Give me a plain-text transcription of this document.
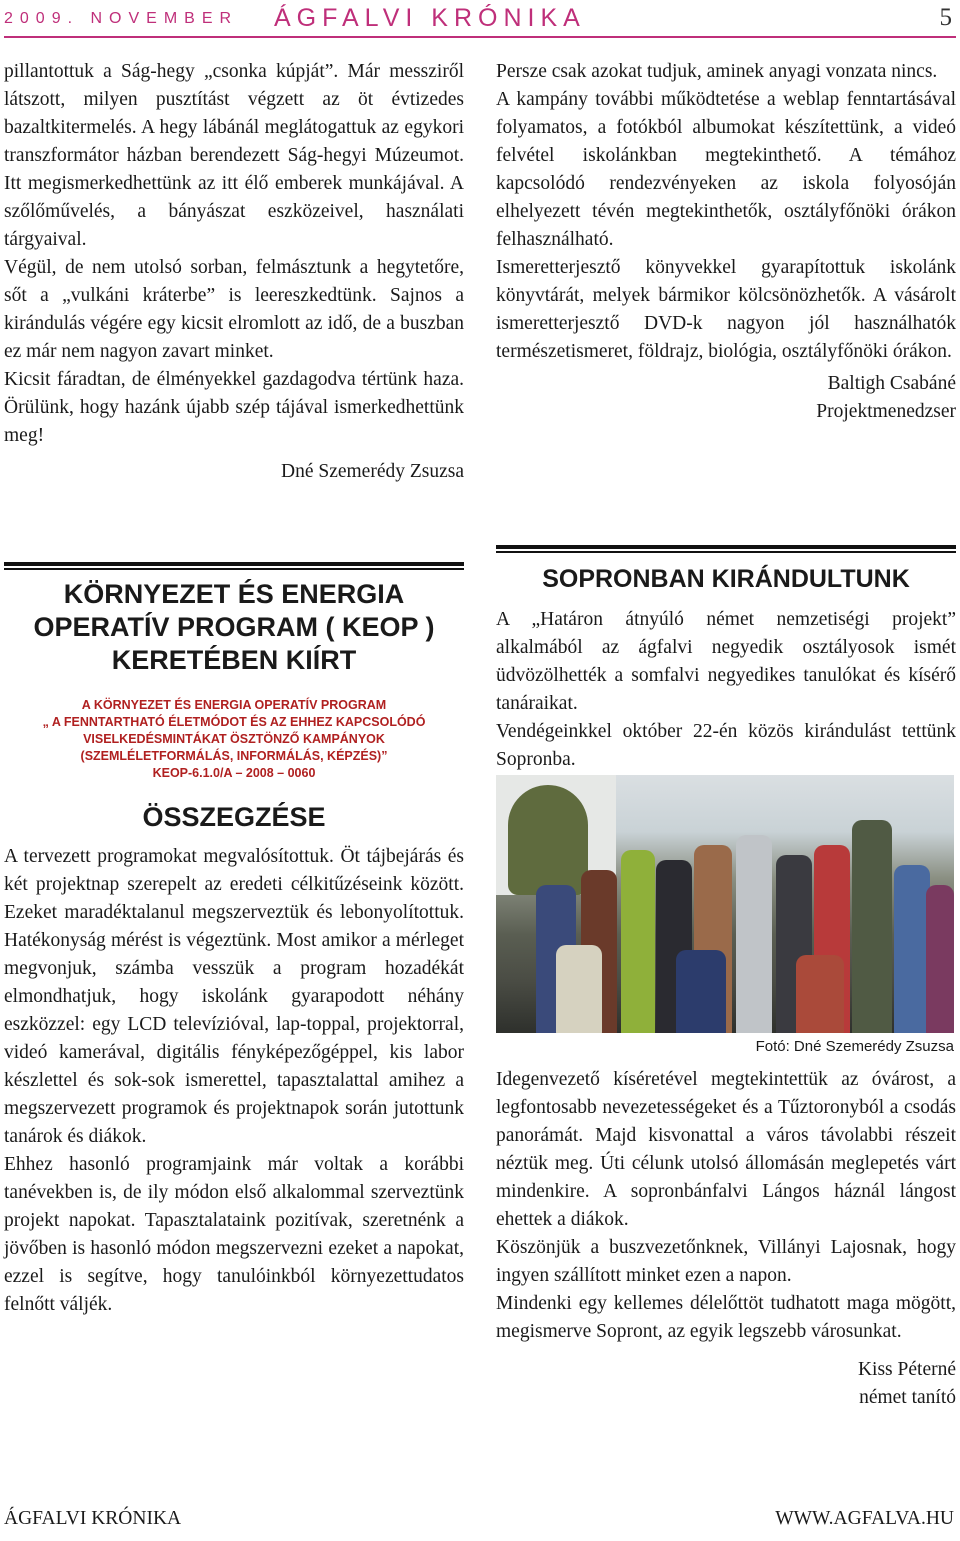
2009. NOVEMBER ÁGFALVI KRÓNIKA	5

pillantottuk a Ság-hegy „csonka kúpját”. Már messziről látszott, milyen pusztítást végzett az öt évtizedes bazaltkitermelés. A hegy lábánál meglátogattuk az egykori transzformátor házban berendezett Ság-hegyi Múzeumot. Itt megismerkedhettünk az itt élő emberek munkájával. A szőlőművelés, a bányászat eszközeivel, használati tárgyaival.

Végül, de nem utolsó sorban, felmásztunk a hegytetőre, sőt a „vulkáni kráterbe” is leereszkedtünk. Sajnos a kirándulás végére egy kicsit elromlott az idő, de a buszban ez már nem nagyon zavart minket.

Kicsit fáradtan, de élményekkel gazdagodva tértünk haza. Örülünk, hogy hazánk újabb szép tájával ismerkedhettünk meg!

Dné Szemerédy Zsuzsa

KÖRNYEZET ÉS ENERGIA

OPERATÍV PROGRAM ( KEOP )

KERETÉBEN KIÍRT

A KÖRNYEZET ÉS ENERGIA OPERATÍV PROGRAM
„ A FENNTARTHATÓ ÉLETMÓDOT ÉS AZ EHHEZ KAPCSOLÓDÓ
VISELKEDÉSMINTÁKAT ÖSZTÖNZŐ KAMPÁNYOK
(SZEMLÉLETFORMÁLÁS, INFORMÁLÁS, KÉPZÉS)”
KEOP-6.1.0/A – 2008 – 0060

ÖSSZEGZÉSE

A tervezett programokat megvalósítottuk. Öt tájbejárás és két projektnap szerepelt az eredeti célkitűzéseink között. Ezeket maradéktalanul megszerveztük és lebonyolítottuk. Hatékonyság mérést is végeztünk. Most amikor a mérleget megvonjuk, számba vesszük a program hozadékát elmondhatjuk, hogy iskolánk gyarapodott néhány eszközzel: egy LCD televízióval, lap-toppal, projektorral, videó kamerával, digitális fényképezőgéppel, kis labor készlettel és sok-sok ismerettel, tapasztalattal amihez a megszervezett programok és projektnapok során jutottunk tanárok és diákok.

Ehhez hasonló programjaink már voltak a korábbi tanévekben is, de ily módon első alkalommal szerveztünk projekt napokat. Tapasztalataink pozitívak, szeretnénk a jövőben is hasonló módon megszervezni ezeket a napokat, ezzel is segítve, hogy tanulóinkból környezettudatos felnőtt váljék.

Persze csak azokat tudjuk, aminek anyagi vonzata nincs.

A kampány további működtetése a weblap fenntartásával folyamatos, a fotókból albumokat készítettünk, a videó felvétel iskolánkban megtekinthető. A témához kapcsolódó rendezvényeken az iskola folyosóján elhelyezett tévén megtekinthetők, osztályfőnöki órákon felhasználható.

Ismeretterjesztő könyvekkel gyarapítottuk iskolánk könyvtárát, melyek bármikor kölcsönözhetők. A vásárolt ismeretterjesztő DVD-k nagyon jól használhatók természetismeret, földrajz, biológia, osztályfőnöki órákon.

Baltigh Csabáné

Projektmenedzser

SOPRONBAN KIRÁNDULTUNK

A „Határon átnyúló német nemzetiségi projekt” alkalmából az ágfalvi negyedik osztályosok ismét üdvözölhették a somfalvi negyedikes tanulókat és kísérő tanáraikat.

Vendégeinkkel október 22-én közös kirándulást tettünk Sopronba.

Fotó: Dné Szemerédy Zsuzsa

Idegenvezető kíséretével megtekintettük az óvárost, a legfontosabb nevezetességeket és a Tűztoronyból a csodás panorámát. Majd kisvonattal a város távolabbi részeit néztük meg. Úti célunk utolsó állomásán meglepetés várt mindenkire. A sopronbánfalvi Lángos háznál lángost ehettek a diákok.

Köszönjük a buszvezetőnknek, Villányi Lajosnak, hogy ingyen szállított minket ezen a napon.

Mindenki egy kellemes délelőttöt tudhatott maga mögött, megismerve Sopront, az egyik legszebb városunkat.

Kiss Péterné

német tanító

ÁGFALVI KRÓNIKA	WWW.AGFALVA.HU
